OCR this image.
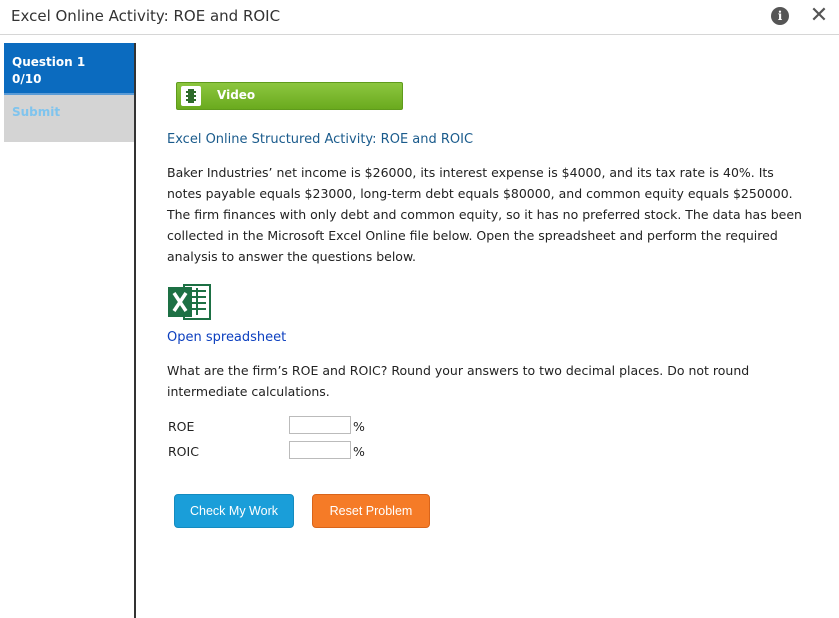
Excel Online Activity: ROE and ROIC	i	✕
Question 1
0/10
Submit
Video
Excel Online Structured Activity: ROE and ROIC
Baker Industries’ net income is $26000, its interest expense is $4000, and its tax rate is 40%. Its notes payable equals $23000, long-term debt equals $80000, and common equity equals $250000. The firm finances with only debt and common equity, so it has no preferred stock. The data has been collected in the Microsoft Excel Online file below. Open the spreadsheet and perform the required analysis to answer the questions below.
Open spreadsheet
What are the firm’s ROE and ROIC? Round your answers to two decimal places. Do not round intermediate calculations.
ROE	%
ROIC	%
Check My Work	Reset Problem
